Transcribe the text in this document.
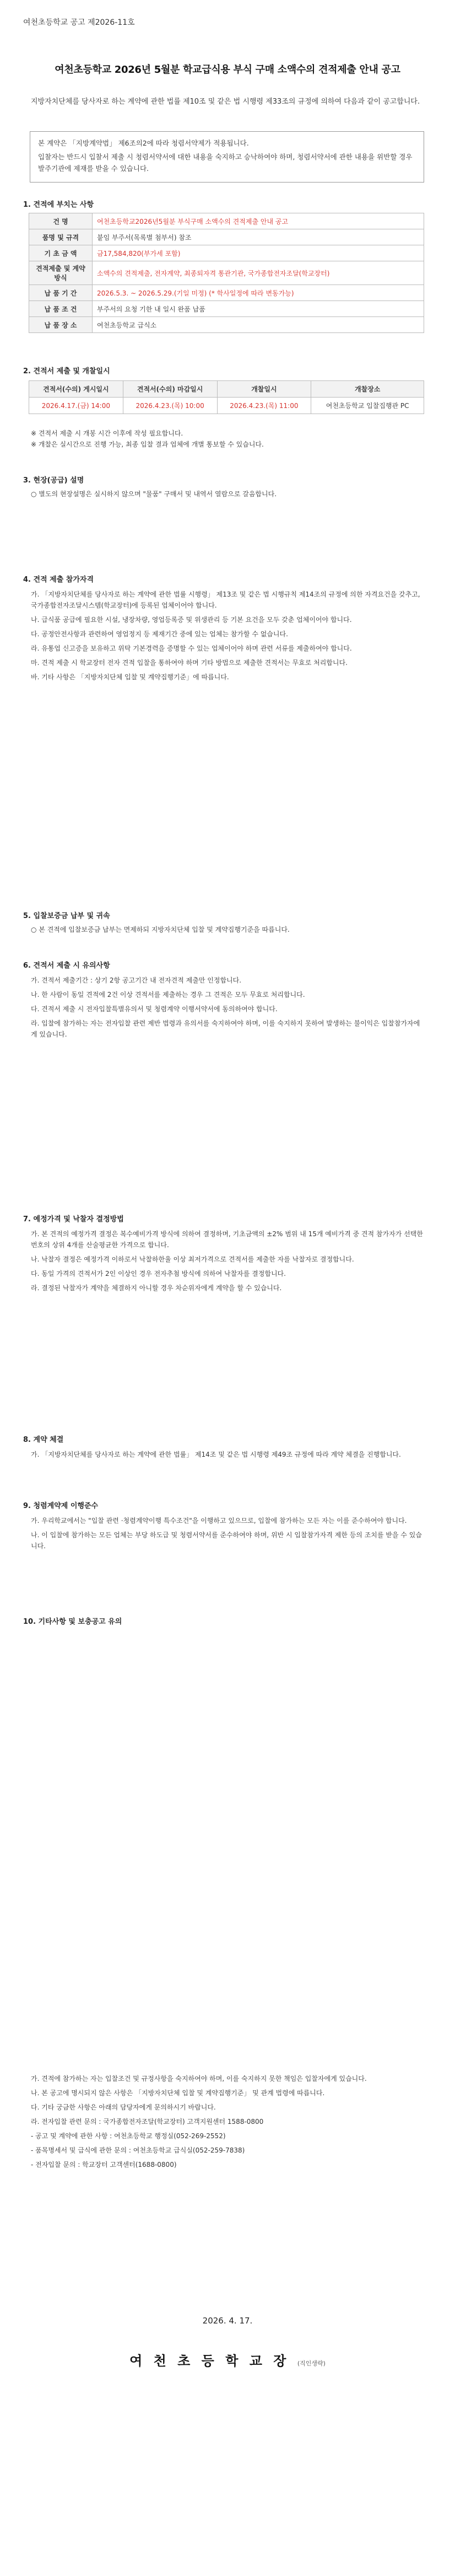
여천초등학교 공고 제2026-11호
여천초등학교 2026년 5월분 학교급식용 부식 구매 소액수의 견적제출 안내 공고
지방자치단체를 당사자로 하는 계약에 관한 법률 제10조 및 같은 법 시행령 제33조의 규정에 의하여 다음과 같이 공고합니다.

본 계약은 「지방계약법」 제6조의2에 따라 청렴서약제가 적용됩니다.

입찰자는 반드시 입찰서 제출 시 청렴서약서에 대한 내용을 숙지하고 승낙하여야 하며, 청렴서약서에 관한 내용을 위반할 경우 발주기관에 제재를 받을 수 있습니다.

1. 견적에 부치는 사항
건 명	여천초등학교2026년5월분 부식구매 소액수의 견적제출 안내 공고
품명 및 규격	붙임 부주서(목록별 첨부서) 참조
기 초 금 액	금17,584,820(부가세 포함)
견적제출 및 계약방식	소액수의 견적제출, 전자계약, 최종퇴자격 통관기관, 국가종합전자조달(학교장터)
납 품 기 간	2026.5.3. ~ 2026.5.29.(기일 미정) (* 학사일정에 따라 변동가능)
납 품 조 건	부주서의 요청 기한 내 일시 완품 납품
납 품 장 소	여천초등학교 급식소
2. 견적서 제출 및 개찰일시
견적서(수의) 게시일시	견적서(수의) 마감일시	개찰일시	개찰장소
2026.4.17.(금) 14:00	2026.4.23.(목) 10:00	2026.4.23.(목) 11:00	여천초등학교 입찰집행관 PC
※ 견적서 제출 시 개봉 시간 이후에 작성 필요합니다.
※ 개찰은 실시간으로 진행 가능, 최종 입찰 결과 업체에 개별 통보할 수 있습니다.
3. 현장(공급) 설명
○ 별도의 현장설명은 실시하지 않으며 "물품" 구매서 및 내역서 열람으로 갈음합니다.
4. 견적 제출 참가자격
가. 「지방자치단체를 당사자로 하는 계약에 관한 법률 시행령」 제13조 및 같은 법 시행규칙 제14조의 규정에 의한 자격요건을 갖추고, 국가종합전자조달시스템(학교장터)에 등록된 업체이어야 합니다.
나. 급식품 공급에 필요한 시설, 냉장차량, 영업등록증 및 위생관리 등 기본 요건을 모두 갖춘 업체이어야 합니다.
다. 공정안전사항과 관련하여 영업정지 등 제재기간 중에 있는 업체는 참가할 수 없습니다.
라. 유통업 신고증을 보유하고 위탁 기본경력을 증명할 수 있는 업체이어야 하며 관련 서류를 제출하여야 합니다.
마. 견적 제출 시 학교장터 전자 견적 입찰을 통하여야 하며 기타 방법으로 제출한 견적서는 무효로 처리합니다.
바. 기타 사항은 「지방자치단체 입찰 및 계약집행기준」에 따릅니다.
5. 입찰보증금 납부 및 귀속
○ 본 견적에 입찰보증금 납부는 면제하되 지방자치단체 입찰 및 계약집행기준을 따릅니다.
6. 견적서 제출 시 유의사항
가. 견적서 제출기간 : 상기 2항 공고기간 내 전자견적 제출만 인정합니다.
나. 한 사람이 동일 견적에 2건 이상 견적서를 제출하는 경우 그 견적은 모두 무효로 처리합니다.
다. 견적서 제출 시 전자입찰특별유의서 및 청렴계약 이행서약서에 동의하여야 합니다.
라. 입찰에 참가하는 자는 전자입찰 관련 제반 법령과 유의서를 숙지하여야 하며, 이를 숙지하지 못하여 발생하는 불이익은 입찰참가자에게 있습니다.
7. 예정가격 및 낙찰자 결정방법
가. 본 견적의 예정가격 결정은 복수예비가격 방식에 의하여 결정하며, 기초금액의 ±2% 범위 내 15개 예비가격 중 견적 참가자가 선택한 번호의 상위 4개를 산술평균한 가격으로 합니다.
나. 낙찰자 결정은 예정가격 이하로서 낙찰하한율 이상 최저가격으로 견적서를 제출한 자를 낙찰자로 결정합니다.
다. 동일 가격의 견적서가 2인 이상인 경우 전자추첨 방식에 의하여 낙찰자를 결정합니다.
라. 결정된 낙찰자가 계약을 체결하지 아니할 경우 차순위자에게 계약을 할 수 있습니다.
8. 계약 체결
가. 「지방자치단체를 당사자로 하는 계약에 관한 법률」 제14조 및 같은 법 시행령 제49조 규정에 따라 계약 체결을 진행합니다.
9. 청렴계약제 이행준수
가. 우리학교에서는 "입찰 관련 ·청렴계약이행 특수조건"을 이행하고 있으므로, 입찰에 참가하는 모든 자는 이를 준수하여야 합니다.
나. 이 입찰에 참가하는 모든 업체는 부당 하도급 및 청렴서약서를 준수하여야 하며, 위반 시 입찰참가자격 제한 등의 조치를 받을 수 있습니다.
10. 기타사항 및 보충공고 유의
가. 견적에 참가하는 자는 입찰조건 및 규정사항을 숙지하여야 하며, 이를 숙지하지 못한 책임은 입찰자에게 있습니다.
나. 본 공고에 명시되지 않은 사항은 「지방자치단체 입찰 및 계약집행기준」 및 관계 법령에 따릅니다.
다. 기타 궁금한 사항은 아래의 담당자에게 문의하시기 바랍니다.
라. 전자입찰 관련 문의 : 국가종합전자조달(학교장터) 고객지원센터 1588-0800
- 공고 및 계약에 관한 사항 : 여천초등학교 행정실(052-269-2552)
- 품목명세서 및 급식에 관한 문의 : 여천초등학교 급식실(052-259-7838)
- 전자입찰 문의 : 학교장터 고객센터(1688-0800)
2026. 4. 17.
여 천 초 등 학 교 장 (직인생략)
